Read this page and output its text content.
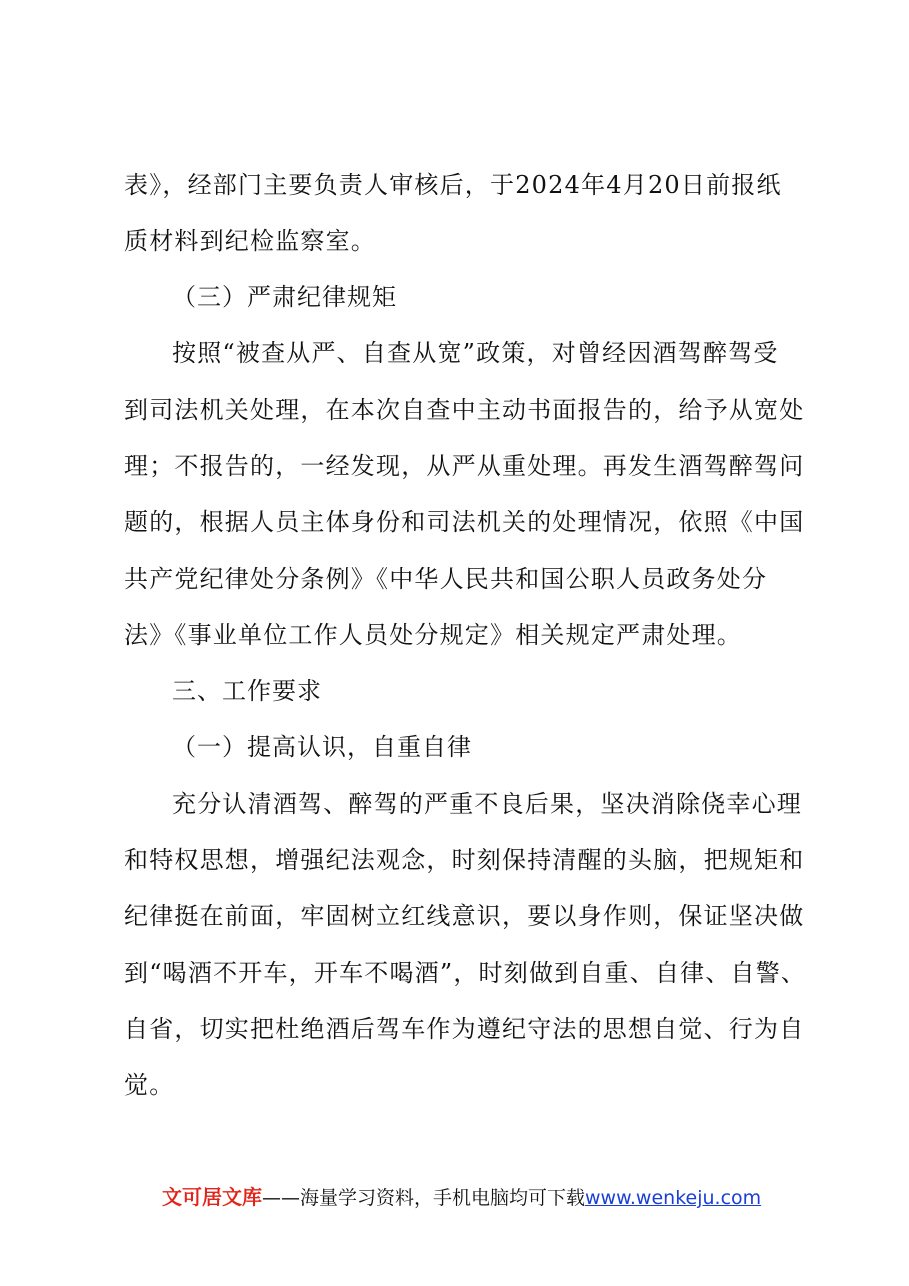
表》，经部门主要负责人审核后，于2024年4月20日前报纸
质材料到纪检监察室。
（三）严肃纪律规矩
按照“被查从严、自查从宽”政策，对曾经因酒驾醉驾受
到司法机关处理，在本次自查中主动书面报告的，给予从宽处
理；不报告的，一经发现，从严从重处理。再发生酒驾醉驾问
题的，根据人员主体身份和司法机关的处理情况，依照《中国
共产党纪律处分条例》《中华人民共和国公职人员政务处分
法》《事业单位工作人员处分规定》相关规定严肃处理。
三、工作要求
（一）提高认识，自重自律
充分认清酒驾、醉驾的严重不良后果，坚决消除侥幸心理
和特权思想，增强纪法观念，时刻保持清醒的头脑，把规矩和
纪律挺在前面，牢固树立红线意识，要以身作则，保证坚决做
到“喝酒不开车，开车不喝酒”，时刻做到自重、自律、自警、
自省，切实把杜绝酒后驾车作为遵纪守法的思想自觉、行为自
觉。
文可居文库——海量学习资料，手机电脑均可下载www.wenkeju.com
